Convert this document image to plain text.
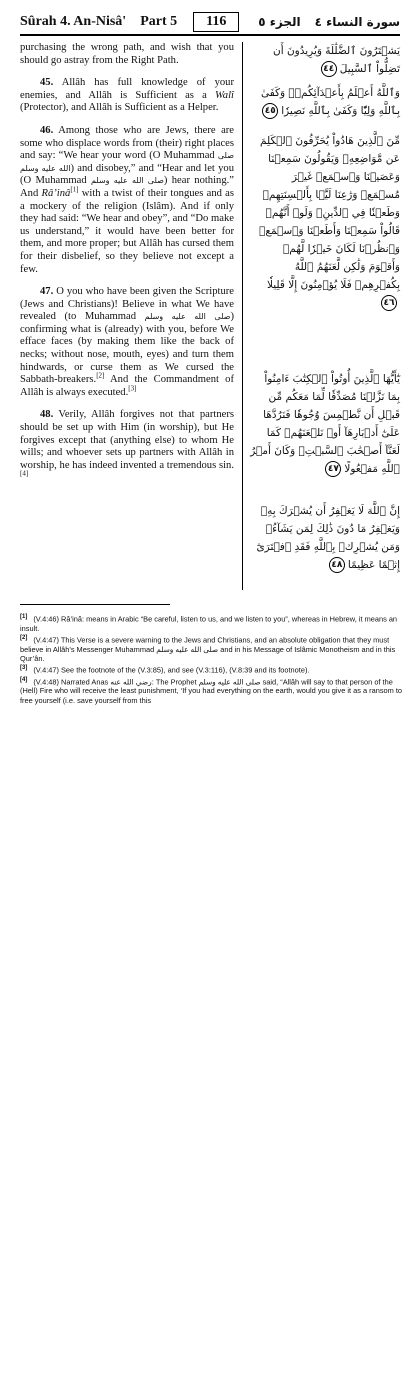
Sûrah 4. An-Nisâ' Part 5	116	الجزء ٥ سورة النساء ٤

purchasing the wrong path, and wish that you should go astray from the Right Path.

45. Allâh has full knowledge of your enemies, and Allâh is Sufficient as a Walî (Protector), and Allâh is Sufficient as a Helper.

46. Among those who are Jews, there are some who displace words from (their) right places and say: “We hear your word (O Muhammad صلى الله عليه وسلم) and disobey,” and “Hear and let you (O Muhammad صلى الله عليه وسلم) hear nothing.” And Râ’inâ[1] with a twist of their tongues and as a mockery of the religion (Islâm). And if only they had said: “We hear and obey”, and “Do make us understand,” it would have been better for them, and more proper; but Allâh has cursed them for their disbelief, so they believe not except a few.

47. O you who have been given the Scripture (Jews and Christians)! Believe in what We have revealed (to Muhammad صلى الله عليه وسلم) confirming what is (already) with you, before We efface faces (by making them like the back of necks; without nose, mouth, eyes) and turn them hindwards, or curse them as We cursed the Sabbath-breakers.[2] And the Commandment of Allâh is always executed.[3]

48. Verily, Allâh forgives not that partners should be set up with Him (in worship), but He forgives except that (anything else) to whom He wills; and whoever sets up partners with Allâh in worship, he has indeed invented a tremendous sin.[4]

يَشۡتَرُونَ ٱلضَّلَٰلَةَ وَيُرِيدُونَ أَن تَضِلُّواْ ٱلسَّبِيلَ٤٤

وَٱللَّهُ أَعۡلَمُ بِأَعۡدَآئِكُمۡۚ وَكَفَىٰ بِٱللَّهِ وَلِيّٗا وَكَفَىٰ بِٱللَّهِ نَصِيرٗا٤٥

مِّنَ ٱلَّذِينَ هَادُواْ يُحَرِّفُونَ ٱلۡكَلِمَ عَن مَّوَاضِعِهِۦ وَيَقُولُونَ سَمِعۡنَا وَعَصَيۡنَا وَٱسۡمَعۡ غَيۡرَ مُسۡمَعٖ وَرَٰعِنَا لَيَّۢا بِأَلۡسِنَتِهِمۡ وَطَعۡنٗا فِي ٱلدِّينِۚ وَلَوۡ أَنَّهُمۡ قَالُواْ سَمِعۡنَا وَأَطَعۡنَا وَٱسۡمَعۡ وَٱنظُرۡنَا لَكَانَ خَيۡرٗا لَّهُمۡ وَأَقۡوَمَ وَلَٰكِن لَّعَنَهُمُ ٱللَّهُ بِكُفۡرِهِمۡ فَلَا يُؤۡمِنُونَ إِلَّا قَلِيلٗا٤٦

يَٰٓأَيُّهَا ٱلَّذِينَ أُوتُواْ ٱلۡكِتَٰبَ ءَامِنُواْ بِمَا نَزَّلۡنَا مُصَدِّقٗا لِّمَا مَعَكُم مِّن قَبۡلِ أَن نَّطۡمِسَ وُجُوهٗا فَنَرُدَّهَا عَلَىٰٓ أَدۡبَارِهَآ أَوۡ نَلۡعَنَهُمۡ كَمَا لَعَنَّآ أَصۡحَٰبَ ٱلسَّبۡتِۚ وَكَانَ أَمۡرُ ٱللَّهِ مَفۡعُولًا٤٧

إِنَّ ٱللَّهَ لَا يَغۡفِرُ أَن يُشۡرَكَ بِهِۦ وَيَغۡفِرُ مَا دُونَ ذَٰلِكَ لِمَن يَشَآءُۚ وَمَن يُشۡرِكۡ بِٱللَّهِ فَقَدِ ٱفۡتَرَىٰٓ إِثۡمًا عَظِيمًا٤٨

[1] (V.4:46) Râ’inâ: means in Arabic “Be careful, listen to us, and we listen to you”, whereas in Hebrew, it means an insult.

[2] (V.4:47) This Verse is a severe warning to the Jews and Christians, and an absolute obligation that they must believe in Allâh’s Messenger Muhammad صلى الله عليه وسلم and in his Message of Islâmic Monotheism and in this Qur’ân.

[3] (V.4:47) See the footnote of the (V.3:85), and see (V.3:116), (V.8:39 and its footnote).

[4] (V.4:48) Narrated Anas رضي الله عنه: The Prophet صلى الله عليه وسلم said, “Allâh will say to that person of the (Hell) Fire who will receive the least punishment, ‘If you had everything on the earth, would you give it as a ransom to free yourself (i.e. save yourself from this
